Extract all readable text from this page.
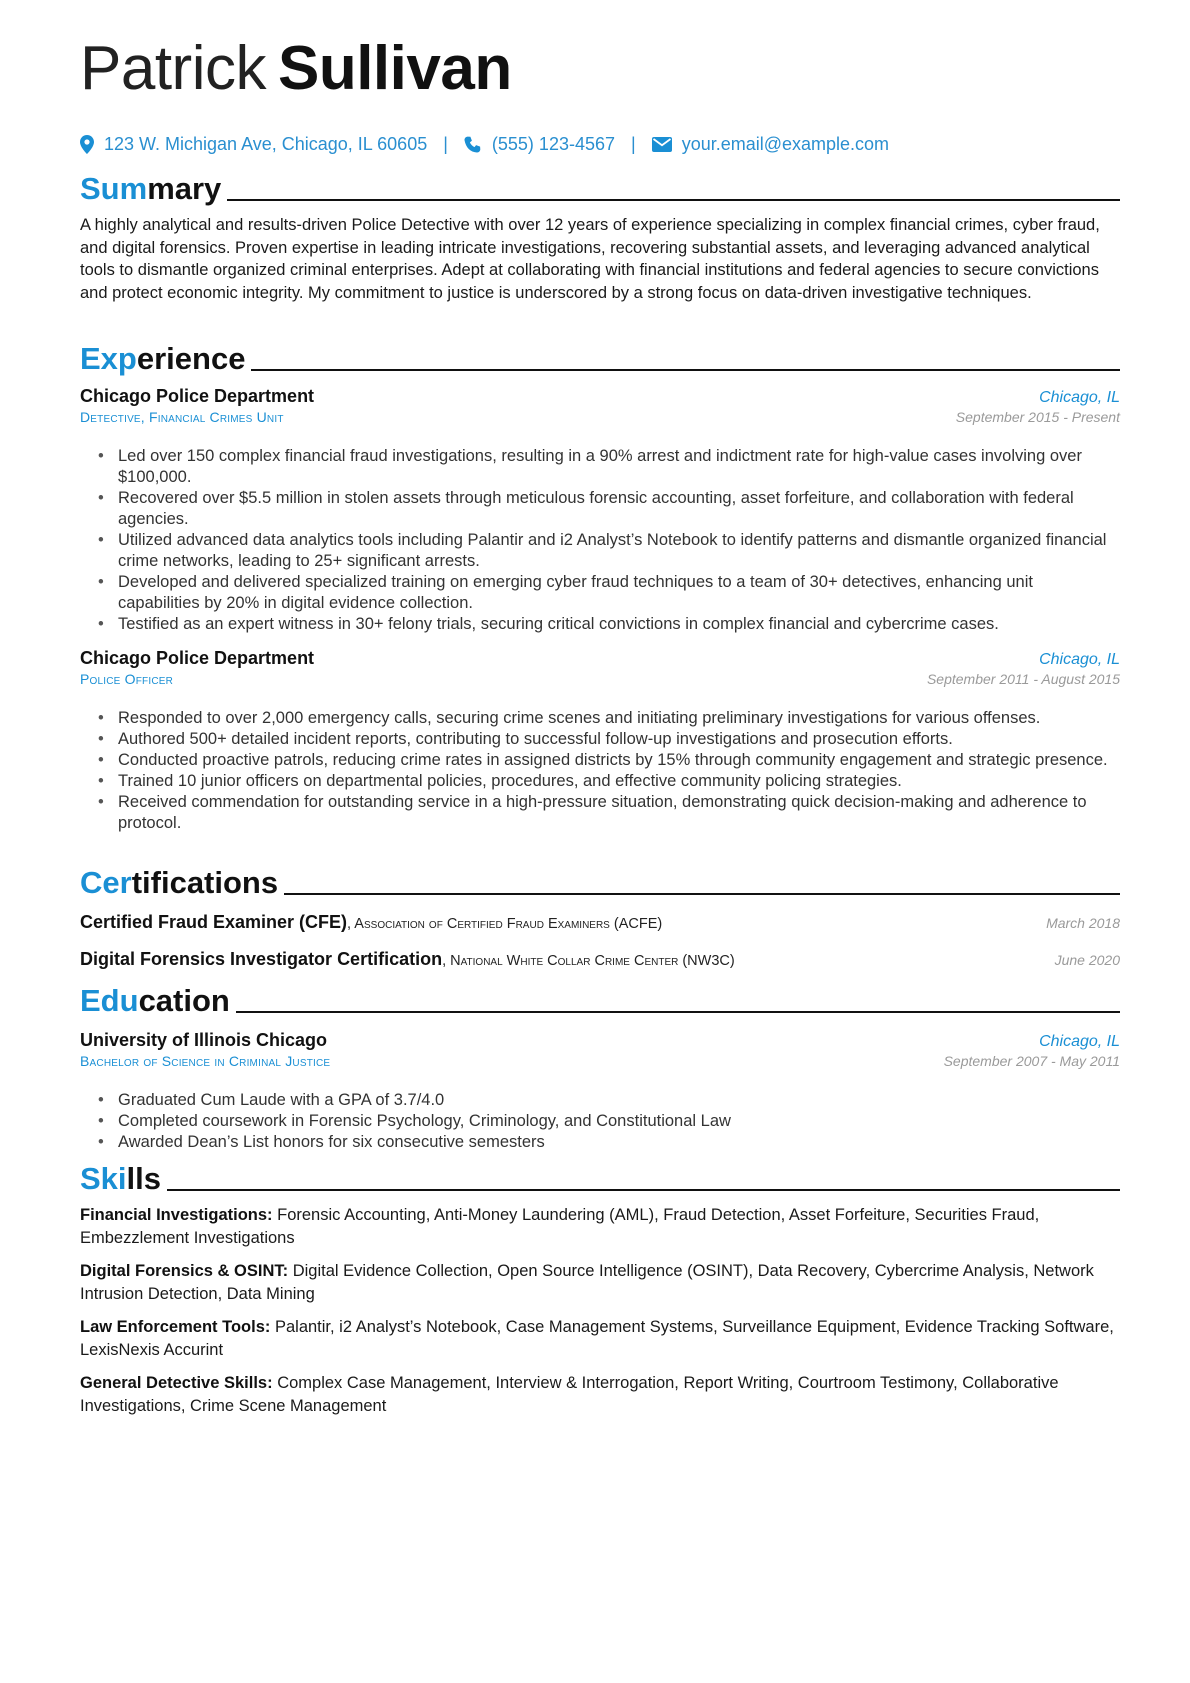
Patrick Sullivan
123 W. Michigan Ave, Chicago, IL 60605 | (555) 123-4567 |	your.email@example.com
Summary
A highly analytical and results-driven Police Detective with over 12 years of experience specializing in complex financial crimes, cyber fraud, and digital forensics. Proven expertise in leading intricate investigations, recovering substantial assets, and leveraging advanced analytical tools to dismantle organized criminal enterprises. Adept at collaborating with financial institutions and federal agencies to secure convictions and protect economic integrity. My commitment to justice is underscored by a strong focus on data-driven investigative techniques.
Experience
Chicago Police Department	Chicago, IL
Detective, Financial Crimes Unit	September 2015 - Present
• Led over 150 complex financial fraud investigations, resulting in a 90% arrest and indictment rate for high-value cases involving over $100,000.
• Recovered over $5.5 million in stolen assets through meticulous forensic accounting, asset forfeiture, and collaboration with federal agencies.
• Utilized advanced data analytics tools including Palantir and i2 Analyst’s Notebook to identify patterns and dismantle organized financial crime networks, leading to 25+ significant arrests.
• Developed and delivered specialized training on emerging cyber fraud techniques to a team of 30+ detectives, enhancing unit capabilities by 20% in digital evidence collection.
• Testified as an expert witness in 30+ felony trials, securing critical convictions in complex financial and cybercrime cases.
Chicago Police Department	Chicago, IL
Police Officer	September 2011 - August 2015
• Responded to over 2,000 emergency calls, securing crime scenes and initiating preliminary investigations for various offenses.
• Authored 500+ detailed incident reports, contributing to successful follow-up investigations and prosecution efforts.
• Conducted proactive patrols, reducing crime rates in assigned districts by 15% through community engagement and strategic presence.
• Trained 10 junior officers on departmental policies, procedures, and effective community policing strategies.
• Received commendation for outstanding service in a high-pressure situation, demonstrating quick decision-making and adherence to protocol.
Certifications
Certified Fraud Examiner (CFE), Association of Certified Fraud Examiners (ACFE)	March 2018
Digital Forensics Investigator Certification, National White Collar Crime Center (NW3C)	June 2020
Education
University of Illinois Chicago	Chicago, IL
Bachelor of Science in Criminal Justice	September 2007 - May 2011
• Graduated Cum Laude with a GPA of 3.7/4.0
• Completed coursework in Forensic Psychology, Criminology, and Constitutional Law
• Awarded Dean’s List honors for six consecutive semesters
Skills
Financial Investigations: Forensic Accounting, Anti-Money Laundering (AML), Fraud Detection, Asset Forfeiture, Securities Fraud, Embezzlement Investigations
Digital Forensics & OSINT: Digital Evidence Collection, Open Source Intelligence (OSINT), Data Recovery, Cybercrime Analysis, Network Intrusion Detection, Data Mining
Law Enforcement Tools: Palantir, i2 Analyst’s Notebook, Case Management Systems, Surveillance Equipment, Evidence Tracking Software, LexisNexis Accurint
General Detective Skills: Complex Case Management, Interview & Interrogation, Report Writing, Courtroom Testimony, Collaborative Investigations, Crime Scene Management
